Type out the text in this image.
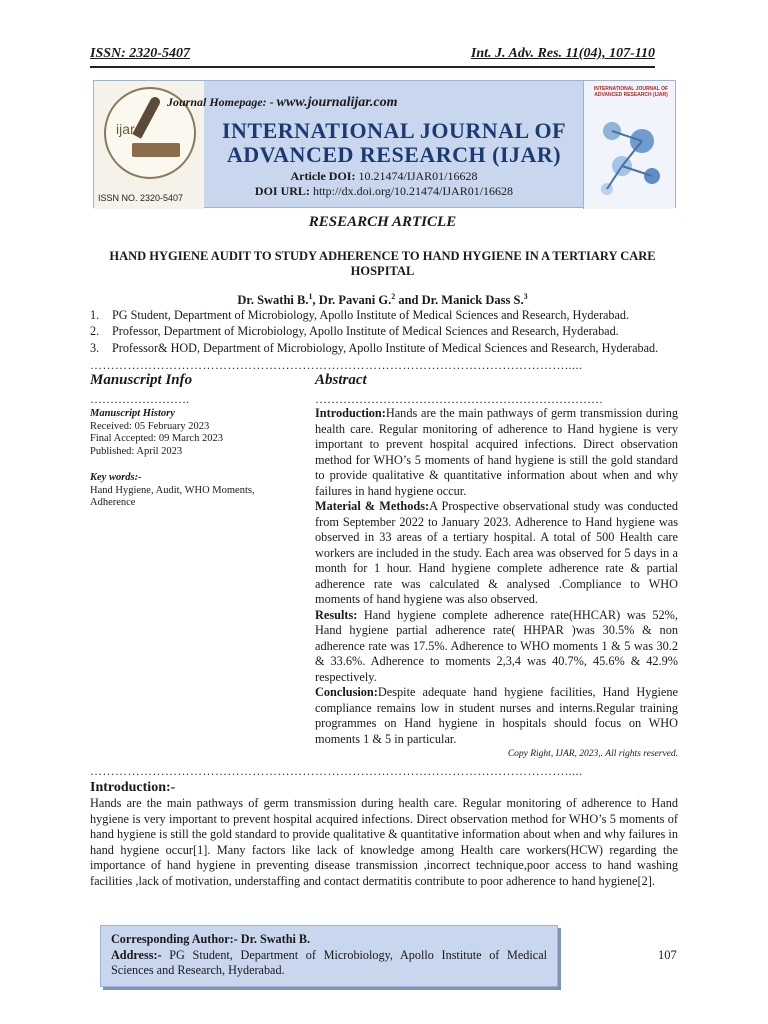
ISSN: 2320-5407	Int. J. Adv. Res. 11(04), 107-110
ijar
ISSN NO. 2320-5407
INTERNATIONAL JOURNAL OF ADVANCED RESEARCH (IJAR)
Journal Homepage: - www.journalijar.com
INTERNATIONAL JOURNAL OF
ADVANCED RESEARCH (IJAR)
Article DOI: 10.21474/IJAR01/16628
DOI URL: http://dx.doi.org/10.21474/IJAR01/16628
RESEARCH ARTICLE
HAND HYGIENE AUDIT TO STUDY ADHERENCE TO HAND HYGIENE IN A TERTIARY CARE HOSPITAL
Dr. Swathi B.$^1$, Dr. Pavani G.$^2$ and Dr. Manick Dass S.$^3$
1.	PG Student, Department of Microbiology, Apollo Institute of Medical Sciences and Research, Hyderabad.
2.	Professor, Department of Microbiology, Apollo Institute of Medical Sciences and Research, Hyderabad.
3.	Professor& HOD, Department of Microbiology, Apollo Institute of Medical Sciences and Research, Hyderabad.
…………………………………………………………………………………………………….....
Manuscript Info	Abstract
…………………….	………………………………………………………………
Manuscript History
Received: 05 February 2023
Final Accepted: 09 March 2023
Published: April 2023
Key words:-
Hand Hygiene, Audit, WHO Moments, Adherence

Introduction:Hands are the main pathways of germ transmission during health care. Regular monitoring of adherence to Hand hygiene is very important to prevent hospital acquired infections. Direct observation method for WHO’s 5 moments of hand hygiene is still the gold standard to provide qualitative & quantitative information about when and why failures in hand hygiene occur.

Material & Methods:A Prospective observational study was conducted from September 2022 to January 2023. Adherence to Hand hygiene was observed in 33 areas of a tertiary hospital. A total of 500 Health care workers are included in the study. Each area was observed for 5 days in a month for 1 hour. Hand hygiene complete adherence rate & partial adherence rate was calculated & analysed .Compliance to WHO moments of hand hygiene was also observed.

Results: Hand hygiene complete adherence rate(HHCAR) was 52%, Hand hygiene partial adherence rate( HHPAR )was 30.5% & non adherence rate was 17.5%. Adherence to WHO moments 1 & 5 was 30.2 & 33.6%. Adherence to moments 2,3,4 was 40.7%, 45.6% & 42.9% respectively.

Conclusion:Despite adequate hand hygiene facilities, Hand Hygiene compliance remains low in student nurses and interns.Regular training programmes on Hand hygiene in hospitals should focus on WHO moments 1 & 5 in particular.

Copy Right, IJAR, 2023,. All rights reserved.
…………………………………………………………………………………………………….....
Introduction:-
Hands are the main pathways of germ transmission during health care. Regular monitoring of adherence to Hand hygiene is very important to prevent hospital acquired infections. Direct observation method for WHO’s 5 moments of hand hygiene is still the gold standard to provide qualitative & quantitative information about when and why failures in hand hygiene occur[1]. Many factors like lack of knowledge among Health care workers(HCW) regarding the importance of hand hygiene in preventing disease transmission ,incorrect technique,poor access to hand washing facilities ,lack of motivation, understaffing and contact dermatitis contribute to poor adherence to hand hygiene[2].
Corresponding Author:- Dr. Swathi B.
Address:- PG Student, Department of Microbiology, Apollo Institute of Medical Sciences and Research, Hyderabad.
107
